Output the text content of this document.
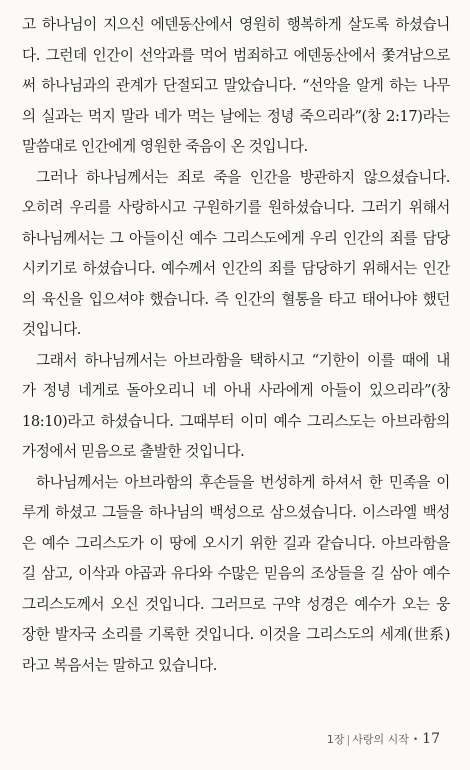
고 하나님이 지으신 에덴동산에서 영원히 행복하게 살도록 하셨습니
다. 그런데 인간이 선악과를 먹어 범죄하고 에덴동산에서 쫓겨남으로
써 하나님과의 관계가 단절되고 말았습니다. “선악을 알게 하는 나무
의 실과는 먹지 말라 네가 먹는 날에는 정녕 죽으리라”(창 2:17)라는
말씀대로 인간에게 영원한 죽음이 온 것입니다.
그러나 하나님께서는 죄로 죽을 인간을 방관하지 않으셨습니다.
오히려 우리를 사랑하시고 구원하기를 원하셨습니다. 그러기 위해서
하나님께서는 그 아들이신 예수 그리스도에게 우리 인간의 죄를 담당
시키기로 하셨습니다. 예수께서 인간의 죄를 담당하기 위해서는 인간
의 육신을 입으셔야 했습니다. 즉 인간의 혈통을 타고 태어나야 했던
것입니다.
그래서 하나님께서는 아브라함을 택하시고 “기한이 이를 때에 내
가 정녕 네게로 돌아오리니 네 아내 사라에게 아들이 있으리라”(창
18:10)라고 하셨습니다. 그때부터 이미 예수 그리스도는 아브라함의
가정에서 믿음으로 출발한 것입니다.
하나님께서는 아브라함의 후손들을 번성하게 하셔서 한 민족을 이
루게 하셨고 그들을 하나님의 백성으로 삼으셨습니다. 이스라엘 백성
은 예수 그리스도가 이 땅에 오시기 위한 길과 같습니다. 아브라함을
길 삼고, 이삭과 야곱과 유다와 수많은 믿음의 조상들을 길 삼아 예수
그리스도께서 오신 것입니다. 그러므로 구약 성경은 예수가 오는 웅
장한 발자국 소리를 기록한 것입니다. 이것을 그리스도의 세계(世系)
라고 복음서는 말하고 있습니다.
1장 | 사랑의 시작 • 17
